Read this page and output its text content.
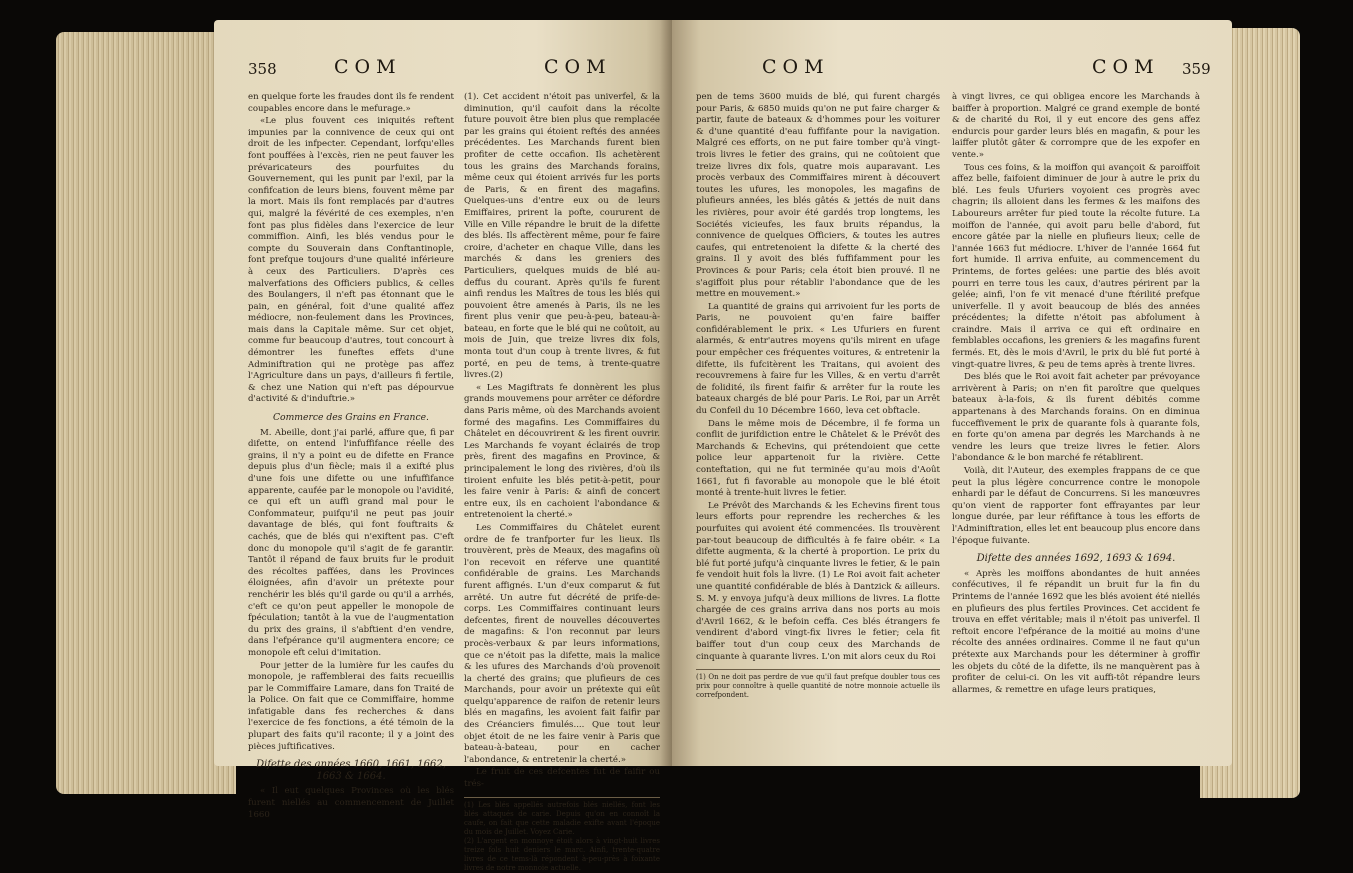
358	COM	COM

en quelque forte les fraudes dont ils fe rendent coupables encore dans le mefurage.»

«Le plus fouvent ces iniquités reftent impunies par la connivence de ceux qui ont droit de les infpecter. Cependant, lorfqu'elles font pouffées à l'excès, rien ne peut fauver les prévaricateurs des pourfuites du Gouvernement, qui les punit par l'exil, par la confifcation de leurs biens, fouvent même par la mort. Mais ils font remplacés par d'autres qui, malgré la févérité de ces exemples, n'en font pas plus fidèles dans l'exercice de leur commiffion. Ainfi, les blés vendus pour le compte du Souverain dans Conftantinople, font prefque toujours d'une qualité inférieure à ceux des Particuliers. D'après ces malverfations des Officiers publics, & celles des Boulangers, il n'eft pas étonnant que le pain, en général, foit d'une qualité affez médiocre, non-feulement dans les Provinces, mais dans la Capitale même. Sur cet objet, comme fur beaucoup d'autres, tout concourt à démontrer les funeftes effets d'une Adminiftration qui ne protège pas affez l'Agriculture dans un pays, d'ailleurs fi fertile, & chez une Nation qui n'eft pas dépourvue d'activité & d'induftrie.»

Commerce des Grains en France.

M. Abeille, dont j'ai parlé, affure que, fi par difette, on entend l'infuffifance réelle des grains, il n'y a point eu de difette en France depuis plus d'un fiècle; mais il a exifté plus d'une fois une difette ou une infuffifance apparente, caufée par le monopole ou l'avidité, ce qui eft un auffi grand mal pour le Confommateur, puifqu'il ne peut pas jouir davantage de blés, qui font fouftraits & cachés, que de blés qui n'exiftent pas. C'eft donc du monopole qu'il s'agit de fe garantir. Tantôt il répand de faux bruits fur le produit des récoltes paffées, dans les Provinces éloignées, afin d'avoir un prétexte pour renchérir les blés qu'il garde ou qu'il a arrhés, c'eft ce qu'on peut appeller le monopole de fpéculation; tantôt à la vue de l'augmentation du prix des grains, il s'abftient d'en vendre, dans l'efpérance qu'il augmentera encore; ce monopole eft celui d'imitation.

Pour jetter de la lumière fur les caufes du monopole, je raffemblerai des faits recueillis par le Commiffaire Lamare, dans fon Traité de la Police. On fait que ce Commiffaire, homme infatigable dans fes recherches & dans l'exercice de fes fonctions, a été témoin de la plupart des faits qu'il raconte; il y a joint des pièces juftificatives.

Difette des années 1660, 1661, 1662, 1663 & 1664.

« Il eut quelques Provinces où les blés furent niellés au commencement de Juillet 1660

(1). Cet accident n'étoit pas univerfel, & la diminution, qu'il caufoit dans la récolte future pouvoit être bien plus que remplacée par les grains qui étoient reftés des années précédentes. Les Marchands furent bien profiter de cette occafion. Ils achetèrent tous les grains des Marchands forains, même ceux qui étoient arrivés fur les ports de Paris, & en firent des magafins. Quelques-uns d'entre eux ou de leurs Emiffaires, prirent la pofte, coururent de Ville en Ville répandre le bruit de la difette des blés. Ils affectèrent même, pour fe faire croire, d'acheter en chaque Ville, dans les marchés & dans les greniers des Particuliers, quelques muids de blé au-deffus du courant. Après qu'ils fe furent ainfi rendus les Maîtres de tous les blés qui pouvoient être amenés à Paris, ils ne les firent plus venir que peu-à-peu, bateau-à-bateau, en forte que le blé qui ne coûtoit, au mois de Juin, que treize livres dix fols, monta tout d'un coup à trente livres, & fut porté, en peu de tems, à trente-quatre livres.(2)

« Les Magiftrats fe donnèrent les plus grands mouvemens pour arrêter ce défordre dans Paris même, où des Marchands avoient formé des magafins. Les Commiffaires du Châtelet en découvrirent & les firent ouvrir. Les Marchands fe voyant éclairés de trop près, firent des magafins en Province, & principalement le long des rivières, d'où ils tiroient enfuite les blés petit-à-petit, pour les faire venir à Paris: & ainfi de concert entre eux, ils en cachoient l'abondance & entretenoient la cherté.»

Les Commiffaires du Châtelet eurent ordre de fe tranfporter fur les lieux. Ils trouvèrent, près de Meaux, des magafins où l'on recevoit en réferve une quantité confidérable de grains. Les Marchands furent affignés. L'un d'eux comparut & fut arrêté. Un autre fut décrété de prife-de-corps. Les Commiffaires continuant leurs defcentes, firent de nouvelles découvertes de magafins: & l'on reconnut par leurs procès-verbaux & par leurs informations, que ce n'étoit pas la difette, mais la malice & les ufures des Marchands d'où provenoit la cherté des grains; que plufieurs de ces Marchands, pour avoir un prétexte qui eût quelqu'apparence de raifon de retenir leurs blés en magafins, les avoient fait faifir par des Créanciers fimulés.... Que tout leur objet étoit de ne les faire venir à Paris que bateau-à-bateau, pour en cacher l'abondance, & entretenir la cherté.»

Le fruit de ces defcentes fut de faifir ou trés-

(1) Les blés appellés autrefois blés niellés, font les blés attaqués de carie. Depuis qu'on en connoît la caufe, on fait que cette maladie exifte avant l'époque du mois de Juillet. Voyez Carie.
(2) L'argent en monnoye étoit alors à vingt-huit livres treize fols huit deniers le marc. Ainfi, trente-quatre livres de ce tems-là répondent à-peu-près à foixante livres de notre monnoie actuelle.
COM	COM 359

pen de tems 3600 muids de blé, qui furent chargés pour Paris, & 6850 muids qu'on ne put faire charger & partir, faute de bateaux & d'hommes pour les voiturer & d'une quantité d'eau fuffifante pour la navigation. Malgré ces efforts, on ne put faire tomber qu'à vingt-trois livres le fetier des grains, qui ne coûtoient que treize livres dix fols, quatre mois auparavant. Les procès verbaux des Commiffaires mirent à découvert toutes les ufures, les monopoles, les magafins de plufieurs années, les blés gâtés & jettés de nuit dans les rivières, pour avoir été gardés trop longtems, les Sociétés vicieufes, les faux bruits répandus, la connivence de quelques Officiers, & toutes les autres caufes, qui entretenoient la difette & la cherté des grains. Il y avoit des blés fuffifamment pour les Provinces & pour Paris; cela étoit bien prouvé. Il ne s'agiffoit plus pour rétablir l'abondance que de les mettre en mouvement.»

La quantité de grains qui arrivoient fur les ports de Paris, ne pouvoient qu'en faire baiffer confidérablement le prix. « Les Ufuriers en furent alarmés, & entr'autres moyens qu'ils mirent en ufage pour empêcher ces fréquentes voitures, & entretenir la difette, ils fufcitèrent les Traitans, qui avoient des recouvremens à faire fur les Villes, & en vertu d'arrêt de folidité, ils firent faifir & arrêter fur la route les bateaux chargés de blé pour Paris. Le Roi, par un Arrêt du Confeil du 10 Décembre 1660, leva cet obftacle.

Dans le même mois de Décembre, il fe forma un conflit de jurifdiction entre le Châtelet & le Prévôt des Marchands & Echevins, qui prétendoient que cette police leur appartenoit fur la rivière. Cette conteftation, qui ne fut terminée qu'au mois d'Août 1661, fut fi favorable au monopole que le blé étoit monté à trente-huit livres le fetier.

Le Prévôt des Marchands & les Echevins firent tous leurs efforts pour reprendre les recherches & les pourfuites qui avoient été commencées. Ils trouvèrent par-tout beaucoup de difficultés à fe faire obéir. « La difette augmenta, & la cherté à proportion. Le prix du blé fut porté jufqu'à cinquante livres le fetier, & le pain fe vendoit huit fols la livre. (1) Le Roi avoit fait acheter une quantité confidérable de blés à Dantzick & ailleurs. S. M. y envoya jufqu'à deux millions de livres. La flotte chargée de ces grains arriva dans nos ports au mois d'Avril 1662, & le befoin ceffa. Ces blés étrangers fe vendirent d'abord vingt-fix livres le fetier; cela fit baiffer tout d'un coup ceux des Marchands de cinquante à quarante livres. L'on mit alors ceux du Roi

(1) On ne doit pas perdre de vue qu'il faut prefque doubler tous ces prix pour connoître à quelle quantité de notre monnoie actuelle ils correfpondent.

à vingt livres, ce qui obligea encore les Marchands à baiffer à proportion. Malgré ce grand exemple de bonté & de charité du Roi, il y eut encore des gens affez endurcis pour garder leurs blés en magafin, & pour les laiffer plutôt gâter & corrompre que de les expofer en vente.»

Tous ces foins, & la moiffon qui avançoit & paroiffoit affez belle, faifoient diminuer de jour à autre le prix du blé. Les feuls Ufuriers voyoient ces progrès avec chagrin; ils alloient dans les fermes & les maifons des Laboureurs arrêter fur pied toute la récolte future. La moiffon de l'année, qui avoit paru belle d'abord, fut encore gâtée par la nielle en plufieurs lieux; celle de l'année 1663 fut médiocre. L'hiver de l'année 1664 fut fort humide. Il arriva enfuite, au commencement du Printems, de fortes gelées: une partie des blés avoit pourri en terre tous les caux, d'autres périrent par la gelée; ainfi, l'on fe vit menacé d'une ftérilité prefque univerfelle. Il y avoit beaucoup de blés des années précédentes; la difette n'étoit pas abfolument à craindre. Mais il arriva ce qui eft ordinaire en femblables occafions, les greniers & les magafins furent fermés. Et, dès le mois d'Avril, le prix du blé fut porté à vingt-quatre livres, & peu de tems après à trente livres.

Des blés que le Roi avoit fait acheter par prévoyance arrivèrent à Paris; on n'en fit paroître que quelques bateaux à-la-fois, & ils furent débités comme appartenans à des Marchands forains. On en diminua fucceffivement le prix de quarante fols à quarante fols, en forte qu'on amena par degrés les Marchands à ne vendre les leurs que treize livres le fetier. Alors l'abondance & le bon marché fe rétablirent.

Voilà, dit l'Auteur, des exemples frappans de ce que peut la plus légère concurrence contre le monopole enhardi par le défaut de Concurrens. Si les manœuvres qu'on vient de rapporter font effrayantes par leur longue durée, par leur réfiftance à tous les efforts de l'Adminiftration, elles let ent beaucoup plus encore dans l'époque fuivante.

Difette des années 1692, 1693 & 1694.

« Après les moiffons abondantes de huit années confécutives, il fe répandit un bruit fur la fin du Printems de l'année 1692 que les blés avoient été niellés en plufieurs des plus fertiles Provinces. Cet accident fe trouva en effet véritable; mais il n'étoit pas univerfel. Il reftoit encore l'efpérance de la moitié au moins d'une récolte des années ordinaires. Comme il ne faut qu'un prétexte aux Marchands pour les déterminer à groffir les objets du côté de la difette, ils ne manquèrent pas à profiter de celui-ci. On les vit auffi-tôt répandre leurs allarmes, & remettre en ufage leurs pratiques,
